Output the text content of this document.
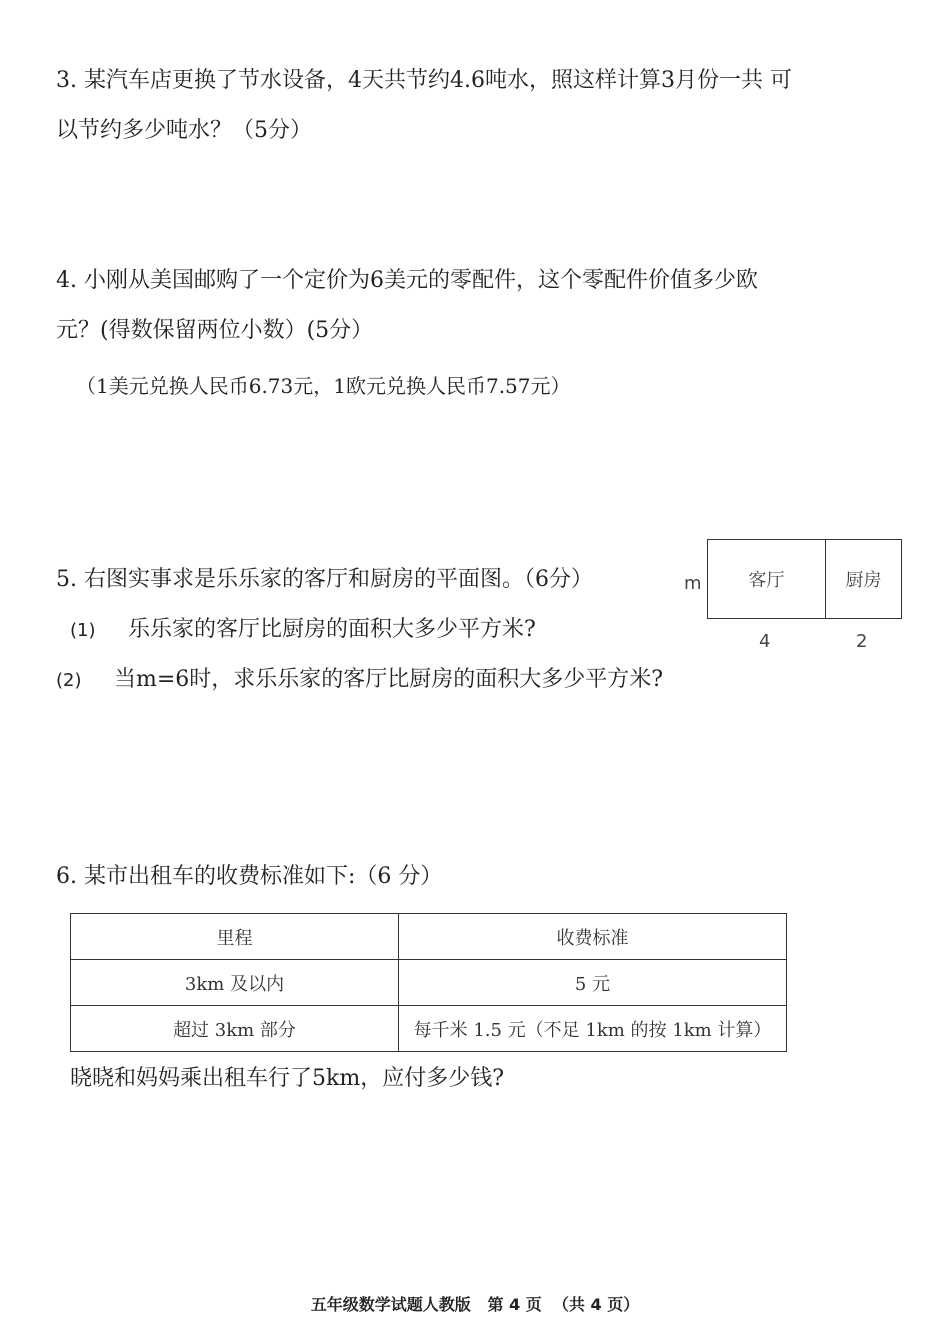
3. 某汽车店更换了节水设备，4天共节约4.6吨水，照这样计算3月份一共 可
以节约多少吨水？（5分）
4. 小刚从美国邮购了一个定价为6美元的零配件，这个零配件价值多少欧
元？(得数保留两位小数）(5分）
（1美元兑换人民币6.73元，1欧元兑换人民币7.57元）
5. 右图实事求是乐乐家的客厅和厨房的平面图。（6分）
(1) 乐乐家的客厅比厨房的面积大多少平方米?
(2) 当m=6时，求乐乐家的客厅比厨房的面积大多少平方米?
m	客厅	厨房
4	2
6. 某市出租车的收费标准如下:（6 分）
里程	收费标准
3km 及以内	5 元
超过 3km 部分	每千米 1.5 元（不足 1km 的按 1km 计算）
晓晓和妈妈乘出租车行了5km，应付多少钱?
五年级数学试题人教版   第 4 页  （共 4 页）
